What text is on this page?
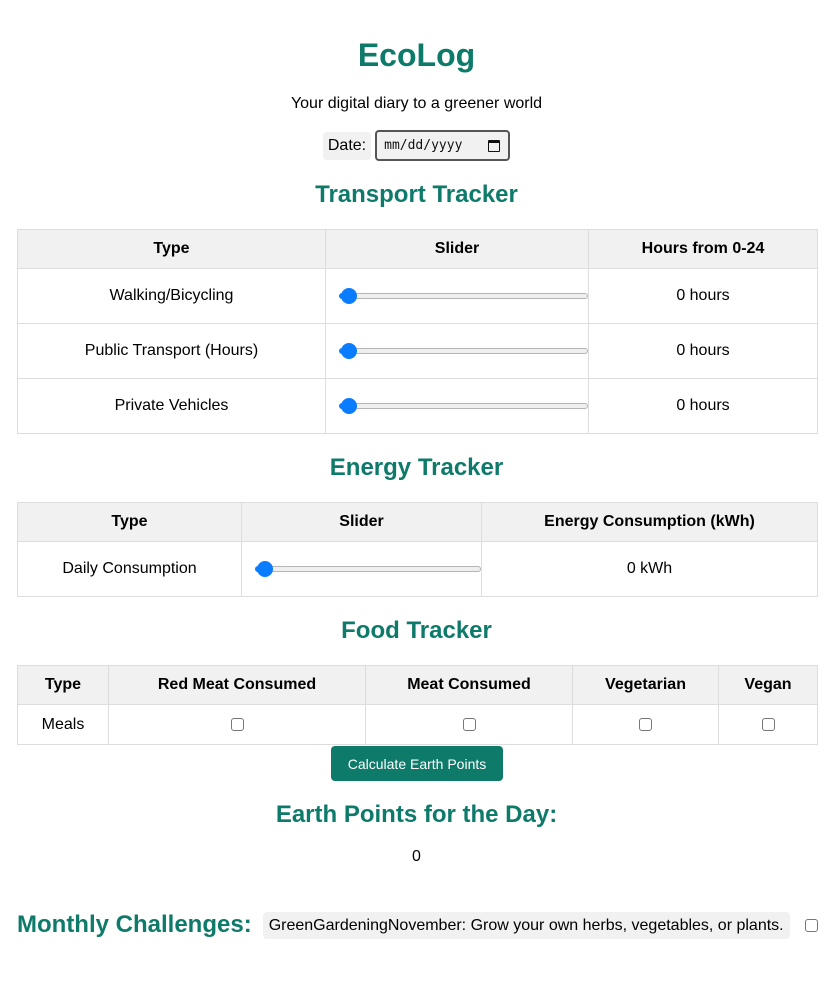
EcoLog

Your digital diary to a greener world

Date:	mm/dd/yyyy
Transport Tracker
Type	Slider	Hours from 0-24
Walking/Bicycling		0 hours
Public Transport (Hours)		0 hours
Private Vehicles		0 hours
Energy Tracker
Type	Slider	Energy Consumption (kWh)
Daily Consumption		0 kWh
Food Tracker
Type	Red Meat Consumed	Meat Consumed	Vegetarian	Vegan
Meals				
Calculate Earth Points
Earth Points for the Day:
0
Monthly Challenges:	GreenGardeningNovember: Grow your own herbs, vegetables, or plants.
